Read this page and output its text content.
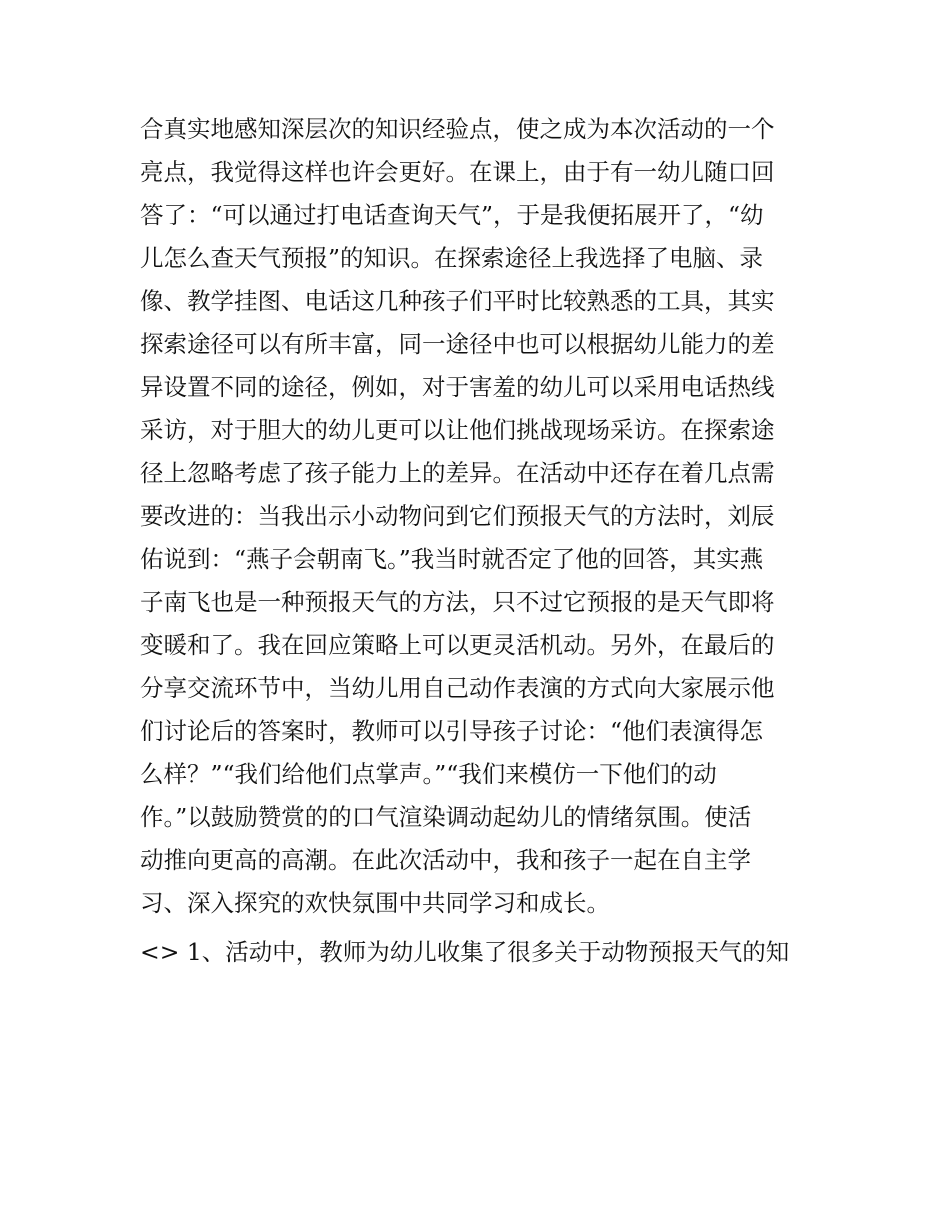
合真实地感知深层次的知识经验点，使之成为本次活动的一个
亮点，我觉得这样也许会更好。在课上，由于有一幼儿随口回
答了：“可以通过打电话查询天气”，于是我便拓展开了，“幼
儿怎么查天气预报”的知识。在探索途径上我选择了电脑、录
像、教学挂图、电话这几种孩子们平时比较熟悉的工具，其实
探索途径可以有所丰富，同一途径中也可以根据幼儿能力的差
异设置不同的途径，例如，对于害羞的幼儿可以采用电话热线
采访，对于胆大的幼儿更可以让他们挑战现场采访。在探索途
径上忽略考虑了孩子能力上的差异。在活动中还存在着几点需
要改进的：当我出示小动物问到它们预报天气的方法时，刘辰
佑说到：“燕子会朝南飞。”我当时就否定了他的回答，其实燕
子南飞也是一种预报天气的方法，只不过它预报的是天气即将
变暖和了。我在回应策略上可以更灵活机动。另外，在最后的
分享交流环节中，当幼儿用自己动作表演的方式向大家展示他
们讨论后的答案时，教师可以引导孩子讨论：“他们表演得怎
么样？”“我们给他们点掌声。”“我们来模仿一下他们的动
作。”以鼓励赞赏的的口气渲染调动起幼儿的情绪氛围。使活
动推向更高的高潮。在此次活动中，我和孩子一起在自主学
习、深入探究的欢快氛围中共同学习和成长。
<> 1、活动中，教师为幼儿收集了很多关于动物预报天气的知
